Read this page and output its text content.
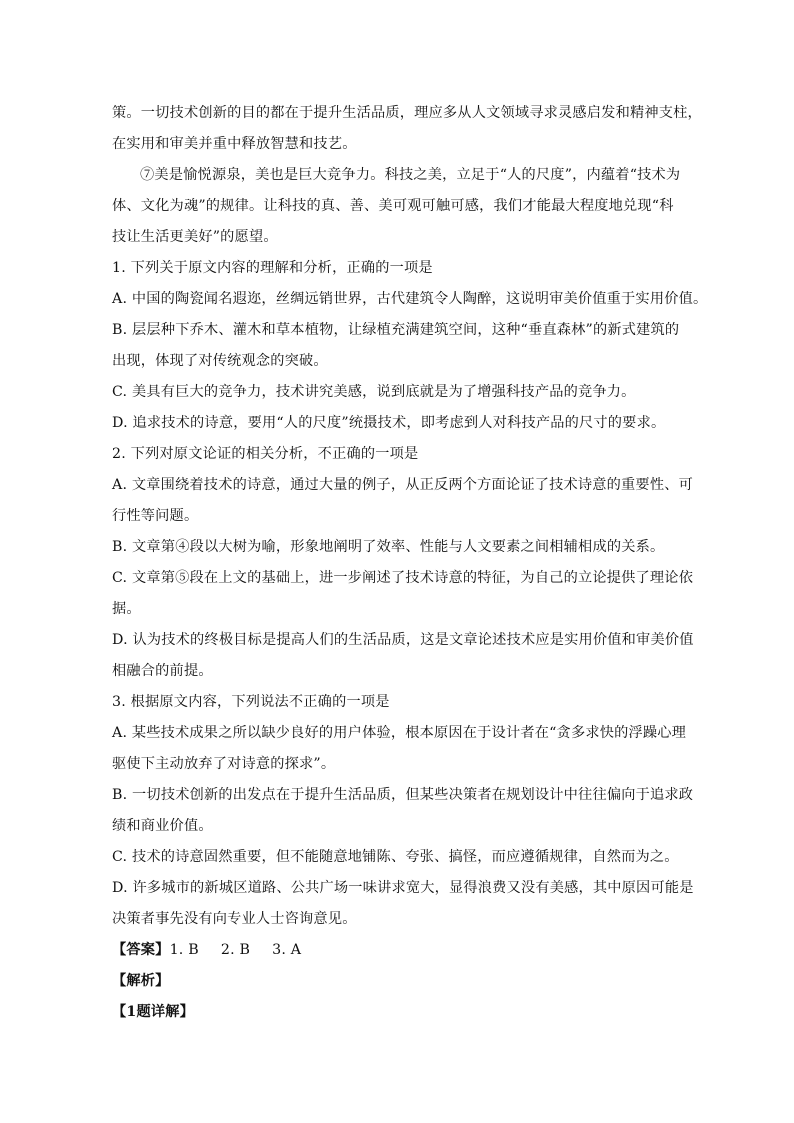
策。一切技术创新的目的都在于提升生活品质，理应多从人文领域寻求灵感启发和精神支柱，
在实用和审美并重中释放智慧和技艺。
⑦美是愉悦源泉，美也是巨大竞争力。科技之美，立足于“人的尺度”，内蕴着“技术为
体、文化为魂”的规律。让科技的真、善、美可观可触可感，我们才能最大程度地兑现“科
技让生活更美好”的愿望。
1. 下列关于原文内容的理解和分析，正确的一项是
A. 中国的陶瓷闻名遐迩，丝绸远销世界，古代建筑令人陶醉，这说明审美价值重于实用价值。
B. 层层种下乔木、灌木和草本植物，让绿植充满建筑空间，这种“垂直森林”的新式建筑的
出现，体现了对传统观念的突破。
C. 美具有巨大的竞争力，技术讲究美感，说到底就是为了增强科技产品的竞争力。
D. 追求技术的诗意，要用“人的尺度”统摄技术，即考虑到人对科技产品的尺寸的要求。
2. 下列对原文论证的相关分析，不正确的一项是
A. 文章围绕着技术的诗意，通过大量的例子，从正反两个方面论证了技术诗意的重要性、可
行性等问题。
B. 文章第④段以大树为喻，形象地阐明了效率、性能与人文要素之间相辅相成的关系。
C. 文章第⑤段在上文的基础上，进一步阐述了技术诗意的特征，为自己的立论提供了理论依
据。
D. 认为技术的终极目标是提高人们的生活品质，这是文章论述技术应是实用价值和审美价值
相融合的前提。
3. 根据原文内容，下列说法不正确的一项是
A. 某些技术成果之所以缺少良好的用户体验，根本原因在于设计者在“贪多求快的浮躁心理
驱使下主动放弃了对诗意的探求”。
B. 一切技术创新的出发点在于提升生活品质，但某些决策者在规划设计中往往偏向于追求政
绩和商业价值。
C. 技术的诗意固然重要，但不能随意地铺陈、夸张、搞怪，而应遵循规律，自然而为之。
D. 许多城市的新城区道路、公共广场一味讲求宽大，显得浪费又没有美感，其中原因可能是
决策者事先没有向专业人士咨询意见。
【答案】1. B 2. B 3. A
【解析】
【1题详解】
